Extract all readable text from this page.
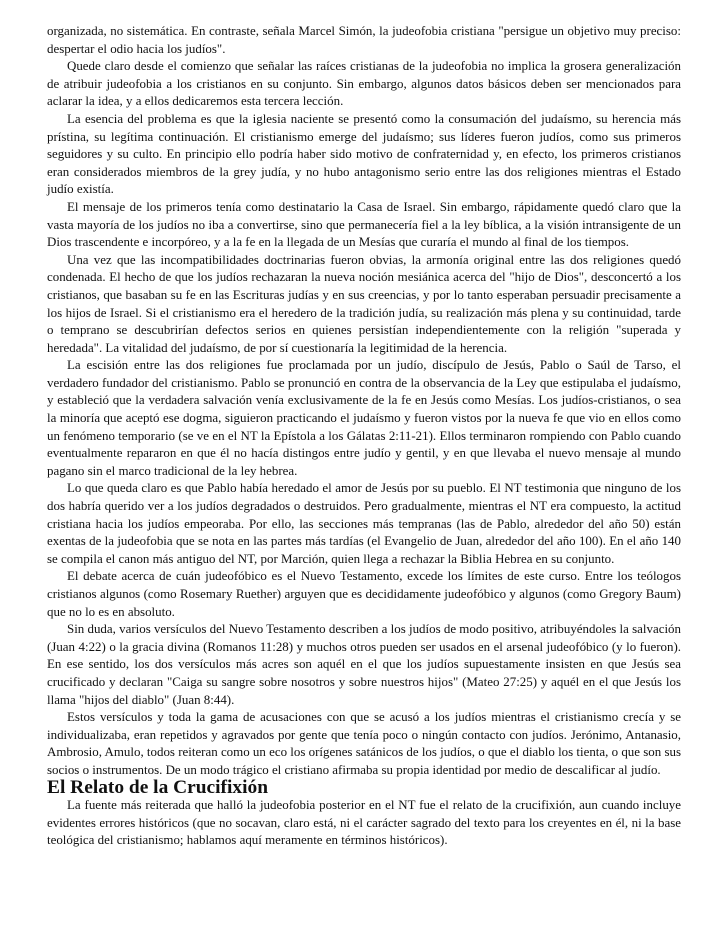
organizada, no sistemática. En contraste, señala Marcel Simón, la judeofobia cristiana "persigue un objetivo muy preciso: despertar el odio hacia los judíos".

Quede claro desde el comienzo que señalar las raíces cristianas de la judeofobia no implica la grosera generalización de atribuir judeofobia a los cristianos en su conjunto. Sin embargo, algunos datos básicos deben ser mencionados para aclarar la idea, y a ellos dedicaremos esta tercera lección.

La esencia del problema es que la iglesia naciente se presentó como la consumación del judaísmo, su herencia más prístina, su legítima continuación. El cristianismo emerge del judaísmo; sus líderes fueron judíos, como sus primeros seguidores y su culto. En principio ello podría haber sido motivo de confraternidad y, en efecto, los primeros cristianos eran considerados miembros de la grey judía, y no hubo antagonismo serio entre las dos religiones mientras el Estado judío existía.

El mensaje de los primeros tenía como destinatario la Casa de Israel. Sin embargo, rápidamente quedó claro que la vasta mayoría de los judíos no iba a convertirse, sino que permanecería fiel a la ley bíblica, a la visión intransigente de un Dios trascendente e incorpóreo, y a la fe en la llegada de un Mesías que curaría el mundo al final de los tiempos.

Una vez que las incompatibilidades doctrinarias fueron obvias, la armonía original entre las dos religiones quedó condenada. El hecho de que los judíos rechazaran la nueva noción mesiánica acerca del "hijo de Dios", desconcertó a los cristianos, que basaban su fe en las Escrituras judías y en sus creencias, y por lo tanto esperaban persuadir precisamente a los hijos de Israel. Si el cristianismo era el heredero de la tradición judía, su realización más plena y su continuidad, tarde o temprano se descubrirían defectos serios en quienes persistían independientemente con la religión "superada y heredada". La vitalidad del judaísmo, de por sí cuestionaría la legitimidad de la herencia.

La escisión entre las dos religiones fue proclamada por un judío, discípulo de Jesús, Pablo o Saúl de Tarso, el verdadero fundador del cristianismo. Pablo se pronunció en contra de la observancia de la Ley que estipulaba el judaísmo, y estableció que la verdadera salvación venía exclusivamente de la fe en Jesús como Mesías. Los judíos-cristianos, o sea la minoría que aceptó ese dogma, siguieron practicando el judaísmo y fueron vistos por la nueva fe que vio en ellos como un fenómeno temporario (se ve en el NT la Epístola a los Gálatas 2:11-21). Ellos terminaron rompiendo con Pablo cuando eventualmente repararon en que él no hacía distingos entre judío y gentil, y en que llevaba el nuevo mensaje al mundo pagano sin el marco tradicional de la ley hebrea.

Lo que queda claro es que Pablo había heredado el amor de Jesús por su pueblo. El NT testimonia que ninguno de los dos habría querido ver a los judíos degradados o destruidos. Pero gradualmente, mientras el NT era compuesto, la actitud cristiana hacia los judíos empeoraba. Por ello, las secciones más tempranas (las de Pablo, alrededor del año 50) están exentas de la judeofobia que se nota en las partes más tardías (el Evangelio de Juan, alrededor del año 100). En el año 140 se compila el canon más antiguo del NT, por Marción, quien llega a rechazar la Biblia Hebrea en su conjunto.

El debate acerca de cuán judeofóbico es el Nuevo Testamento, excede los límites de este curso. Entre los teólogos cristianos algunos (como Rosemary Ruether) arguyen que es decididamente judeofóbico y algunos (como Gregory Baum) que no lo es en absoluto.

Sin duda, varios versículos del Nuevo Testamento describen a los judíos de modo positivo, atribuyéndoles la salvación (Juan 4:22) o la gracia divina (Romanos 11:28) y muchos otros pueden ser usados en el arsenal judeofóbico (y lo fueron). En ese sentido, los dos versículos más acres son aquél en el que los judíos supuestamente insisten en que Jesús sea crucificado y declaran "Caiga su sangre sobre nosotros y sobre nuestros hijos" (Mateo 27:25) y aquél en el que Jesús los llama "hijos del diablo" (Juan 8:44).

Estos versículos y toda la gama de acusaciones con que se acusó a los judíos mientras el cristianismo crecía y se individualizaba, eran repetidos y agravados por gente que tenía poco o ningún contacto con judíos. Jerónimo, Antanasio, Ambrosio, Amulo, todos reiteran como un eco los orígenes satánicos de los judíos, o que el diablo los tienta, o que son sus socios o instrumentos. De un modo trágico el cristiano afirmaba su propia identidad por medio de descalificar al judío.

El Relato de la Crucifixión

La fuente más reiterada que halló la judeofobia posterior en el NT fue el relato de la crucifixión, aun cuando incluye evidentes errores históricos (que no socavan, claro está, ni el carácter sagrado del texto para los creyentes en él, ni la base teológica del cristianismo; hablamos aquí meramente en términos históricos).
